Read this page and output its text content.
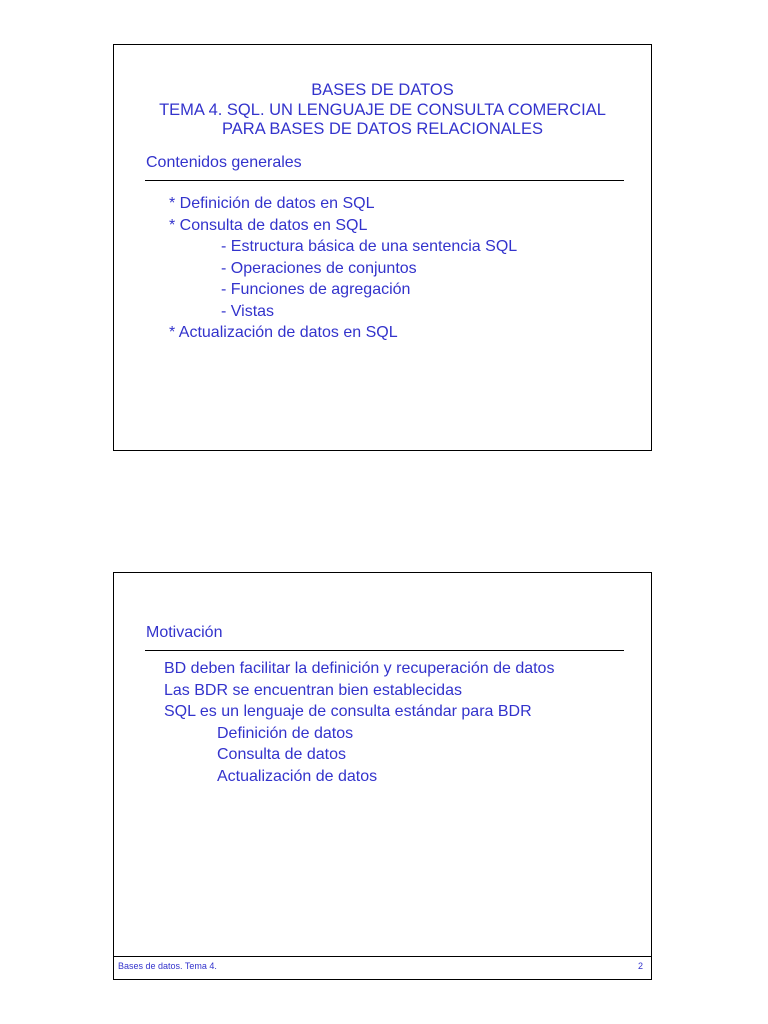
BASES DE DATOS
TEMA 4. SQL. UN LENGUAJE DE CONSULTA COMERCIAL
PARA BASES DE DATOS RELACIONALES
Contenidos generales
* Definición de datos en SQL
* Consulta de datos en SQL
- Estructura básica de una sentencia SQL
- Operaciones de conjuntos
- Funciones de agregación
- Vistas
* Actualización de datos en SQL
Motivación
BD deben facilitar la definición y recuperación de datos
Las BDR se encuentran bien establecidas
SQL es un lenguaje de consulta estándar para BDR
Definición de datos
Consulta de datos
Actualización de datos
Bases de datos. Tema 4.	2
